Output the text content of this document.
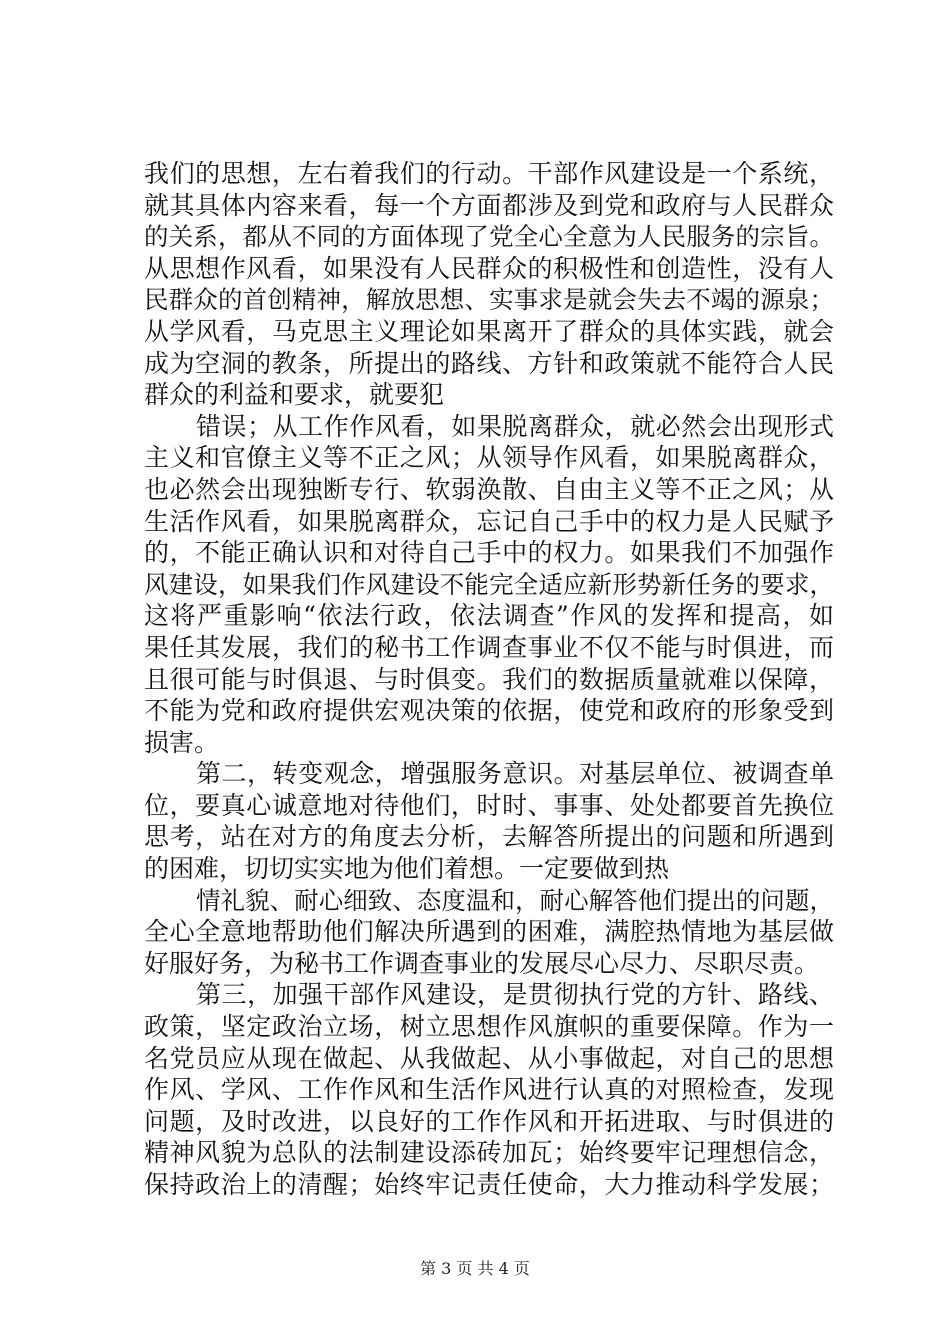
我们的思想，左右着我们的行动。干部作风建设是一个系统，
就其具体内容来看，每一个方面都涉及到党和政府与人民群众
的关系，都从不同的方面体现了党全心全意为人民服务的宗旨。
从思想作风看，如果没有人民群众的积极性和创造性，没有人
民群众的首创精神，解放思想、实事求是就会失去不竭的源泉；
从学风看，马克思主义理论如果离开了群众的具体实践，就会
成为空洞的教条，所提出的路线、方针和政策就不能符合人民
群众的利益和要求，就要犯
错误；从工作作风看，如果脱离群众，就必然会出现形式
主义和官僚主义等不正之风；从领导作风看，如果脱离群众，
也必然会出现独断专行、软弱涣散、自由主义等不正之风；从
生活作风看，如果脱离群众，忘记自己手中的权力是人民赋予
的，不能正确认识和对待自己手中的权力。如果我们不加强作
风建设，如果我们作风建设不能完全适应新形势新任务的要求，
这将严重影响“依法行政，依法调查”作风的发挥和提高，如
果任其发展，我们的秘书工作调查事业不仅不能与时俱进，而
且很可能与时俱退、与时俱变。我们的数据质量就难以保障，
不能为党和政府提供宏观决策的依据，使党和政府的形象受到
损害。
第二，转变观念，增强服务意识。对基层单位、被调查单
位，要真心诚意地对待他们，时时、事事、处处都要首先换位
思考，站在对方的角度去分析，去解答所提出的问题和所遇到
的困难，切切实实地为他们着想。一定要做到热
情礼貌、耐心细致、态度温和，耐心解答他们提出的问题，
全心全意地帮助他们解决所遇到的困难，满腔热情地为基层做
好服好务，为秘书工作调查事业的发展尽心尽力、尽职尽责。
第三，加强干部作风建设，是贯彻执行党的方针、路线、
政策，坚定政治立场，树立思想作风旗帜的重要保障。作为一
名党员应从现在做起、从我做起、从小事做起，对自己的思想
作风、学风、工作作风和生活作风进行认真的对照检查，发现
问题，及时改进，以良好的工作作风和开拓进取、与时俱进的
精神风貌为总队的法制建设添砖加瓦；始终要牢记理想信念，
保持政治上的清醒；始终牢记责任使命，大力推动科学发展；
第 3 页 共 4 页
